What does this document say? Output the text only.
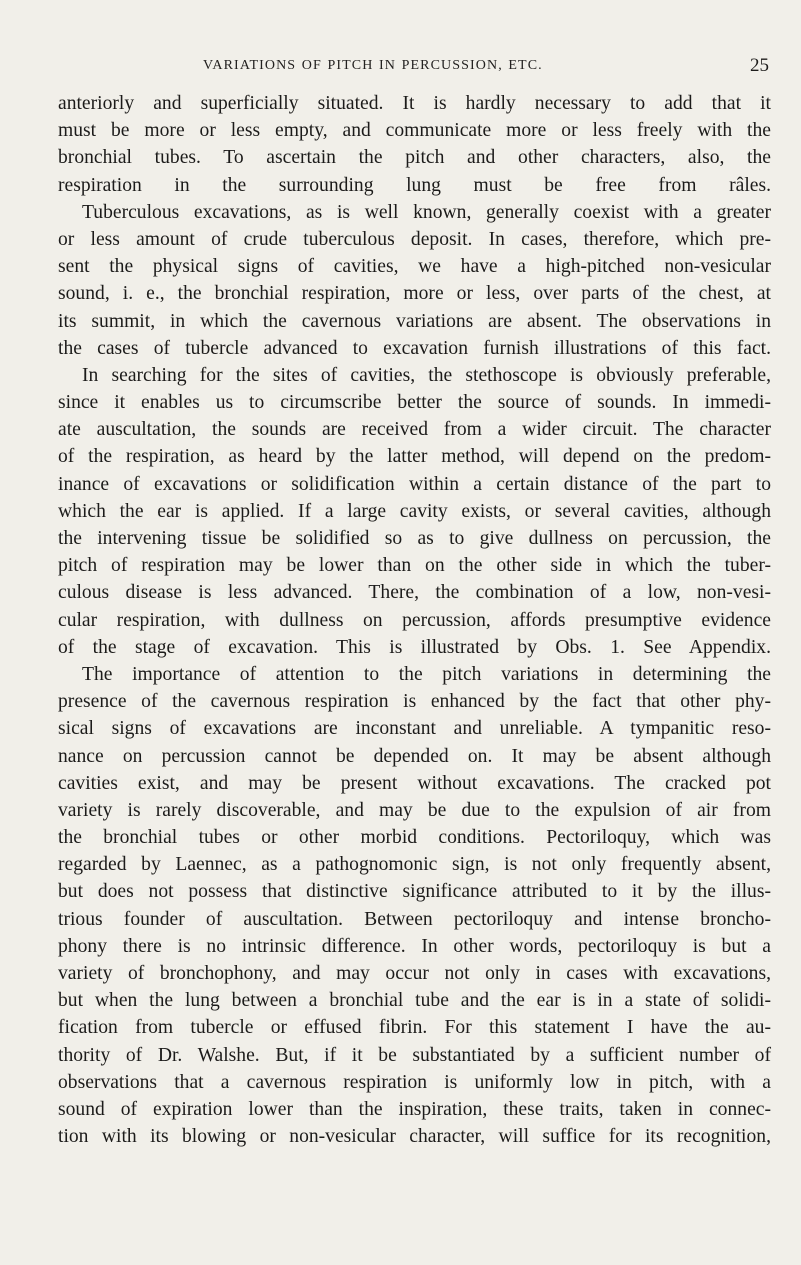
VARIATIONS OF PITCH IN PERCUSSION, ETC.	25
anteriorly and superficially situated. It is hardly necessary to add that it
must be more or less empty, and communicate more or less freely with the
bronchial tubes. To ascertain the pitch and other characters, also, the
respiration in the surrounding lung must be free from râles.
Tuberculous excavations, as is well known, generally coexist with a greater
or less amount of crude tuberculous deposit. In cases, therefore, which pre-
sent the physical signs of cavities, we have a high-pitched non-vesicular
sound, i. e., the bronchial respiration, more or less, over parts of the chest, at
its summit, in which the cavernous variations are absent. The observations in
the cases of tubercle advanced to excavation furnish illustrations of this fact.
In searching for the sites of cavities, the stethoscope is obviously preferable,
since it enables us to circumscribe better the source of sounds. In immedi-
ate auscultation, the sounds are received from a wider circuit. The character
of the respiration, as heard by the latter method, will depend on the predom-
inance of excavations or solidification within a certain distance of the part to
which the ear is applied. If a large cavity exists, or several cavities, although
the intervening tissue be solidified so as to give dullness on percussion, the
pitch of respiration may be lower than on the other side in which the tuber-
culous disease is less advanced. There, the combination of a low, non-vesi-
cular respiration, with dullness on percussion, affords presumptive evidence
of the stage of excavation. This is illustrated by Obs. 1. See Appendix.
The importance of attention to the pitch variations in determining the
presence of the cavernous respiration is enhanced by the fact that other phy-
sical signs of excavations are inconstant and unreliable. A tympanitic reso-
nance on percussion cannot be depended on. It may be absent although
cavities exist, and may be present without excavations. The cracked pot
variety is rarely discoverable, and may be due to the expulsion of air from
the bronchial tubes or other morbid conditions. Pectoriloquy, which was
regarded by Laennec, as a pathognomonic sign, is not only frequently absent,
but does not possess that distinctive significance attributed to it by the illus-
trious founder of auscultation. Between pectoriloquy and intense broncho-
phony there is no intrinsic difference. In other words, pectoriloquy is but a
variety of bronchophony, and may occur not only in cases with excavations,
but when the lung between a bronchial tube and the ear is in a state of solidi-
fication from tubercle or effused fibrin. For this statement I have the au-
thority of Dr. Walshe. But, if it be substantiated by a sufficient number of
observations that a cavernous respiration is uniformly low in pitch, with a
sound of expiration lower than the inspiration, these traits, taken in connec-
tion with its blowing or non-vesicular character, will suffice for its recognition,
